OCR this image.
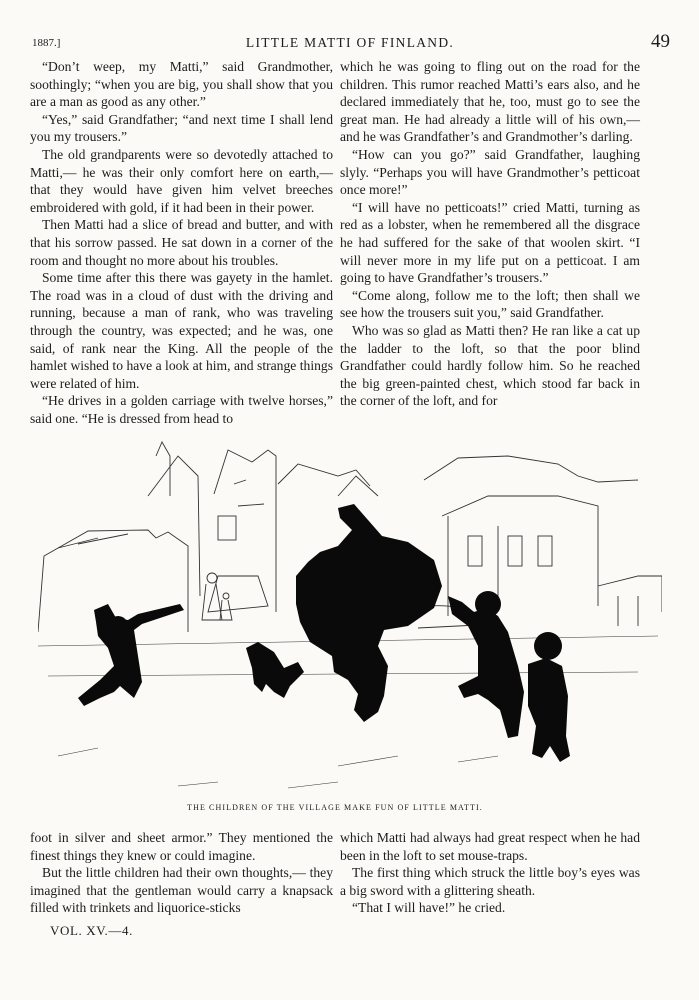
1887.]	LITTLE MATTI OF FINLAND.	49

“Don’t weep, my Matti,” said Grandmother, soothingly; “when you are big, you shall show that you are a man as good as any other.”

“Yes,” said Grandfather; “and next time I shall lend you my trousers.”

The old grandparents were so devotedly attached to Matti,— he was their only comfort here on earth,— that they would have given him velvet breeches embroidered with gold, if it had been in their power.

Then Matti had a slice of bread and butter, and with that his sorrow passed. He sat down in a corner of the room and thought no more about his troubles.

Some time after this there was gayety in the hamlet. The road was in a cloud of dust with the driving and running, because a man of rank, who was traveling through the country, was expected; and he was, one said, of rank near the King. All the people of the hamlet wished to have a look at him, and strange things were related of him.

“He drives in a golden carriage with twelve horses,” said one. “He is dressed from head to

which he was going to fling out on the road for the children. This rumor reached Matti’s ears also, and he declared immediately that he, too, must go to see the great man. He had already a little will of his own,— and he was Grandfather’s and Grandmother’s darling.

“How can you go?” said Grandfather, laughing slyly. “Perhaps you will have Grandmother’s petticoat once more!”

“I will have no petticoats!” cried Matti, turning as red as a lobster, when he remembered all the disgrace he had suffered for the sake of that woolen skirt. “I will never more in my life put on a petticoat. I am going to have Grandfather’s trousers.”

“Come along, follow me to the loft; then shall we see how the trousers suit you,” said Grandfather.

Who was so glad as Matti then? He ran like a cat up the ladder to the loft, so that the poor blind Grandfather could hardly follow him. So he reached the big green-painted chest, which stood far back in the corner of the loft, and for

THE CHILDREN OF THE VILLAGE MAKE FUN OF LITTLE MATTI.

foot in silver and sheet armor.” They mentioned the finest things they knew or could imagine.

But the little children had their own thoughts,— they imagined that the gentleman would carry a knapsack filled with trinkets and liquorice-sticks

VOL. XV.—4.

which Matti had always had great respect when he had been in the loft to set mouse-traps.

The first thing which struck the little boy’s eyes was a big sword with a glittering sheath.

“That I will have!” he cried.
